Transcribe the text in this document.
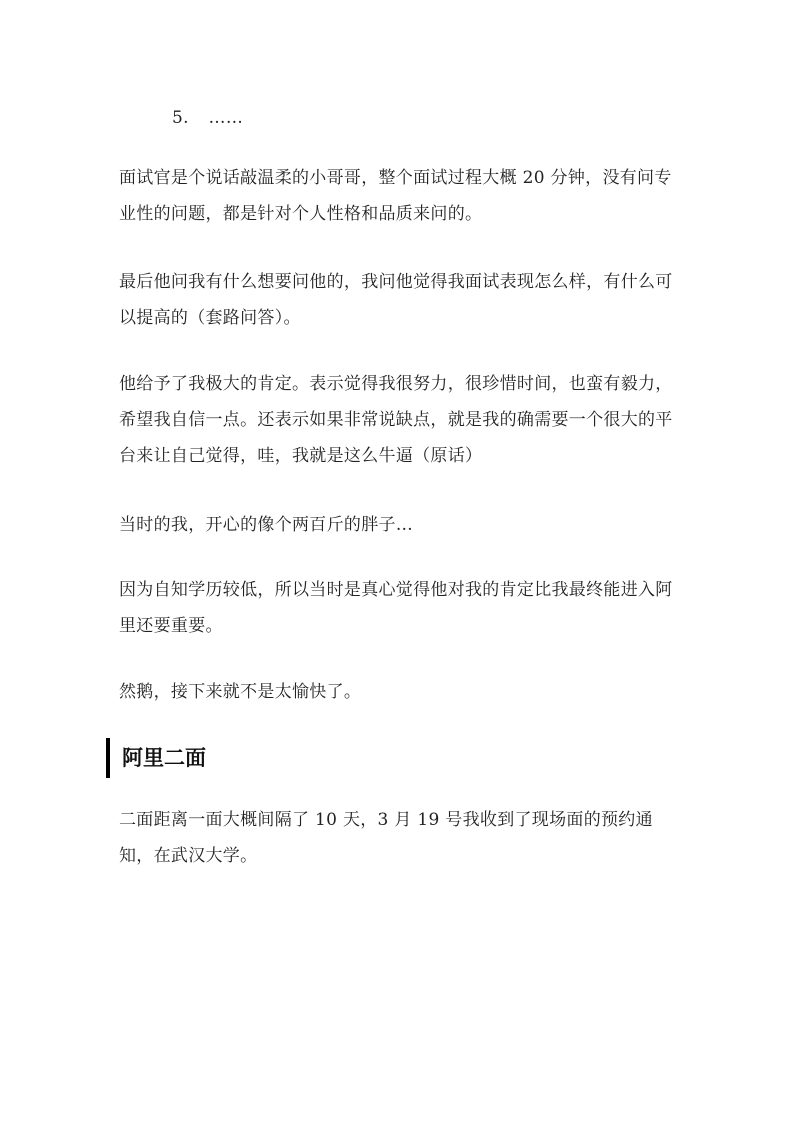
5. ……

面试官是个说话敲温柔的小哥哥，整个面试过程大概 20 分钟，没有问专业性的问题，都是针对个人性格和品质来问的。

最后他问我有什么想要问他的，我问他觉得我面试表现怎么样，有什么可以提高的（套路问答）。

他给予了我极大的肯定。表示觉得我很努力，很珍惜时间，也蛮有毅力，希望我自信一点。还表示如果非常说缺点，就是我的确需要一个很大的平台来让自己觉得，哇，我就是这么牛逼（原话）

当时的我，开心的像个两百斤的胖子…

因为自知学历较低，所以当时是真心觉得他对我的肯定比我最终能进入阿里还要重要。

然鹅，接下来就不是太愉快了。

阿里二面

二面距离一面大概间隔了 10 天，3 月 19 号我收到了现场面的预约通知，在武汉大学。
